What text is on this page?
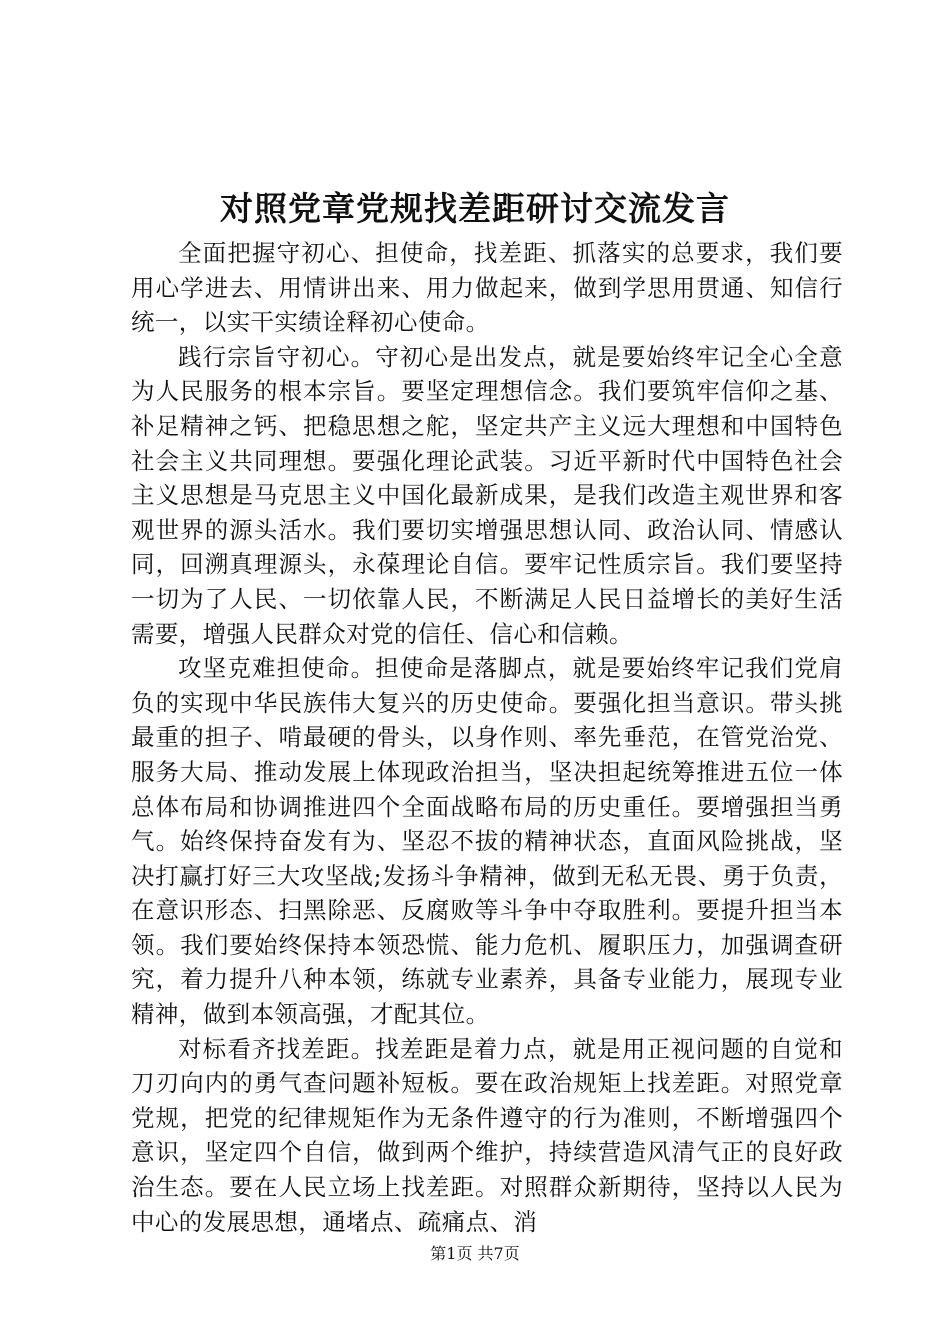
对照党章党规找差距研讨交流发言

全面把握守初心、担使命，找差距、抓落实的总要求，我们要用心学进去、用情讲出来、用力做起来，做到学思用贯通、知信行统一，以实干实绩诠释初心使命。

践行宗旨守初心。守初心是出发点，就是要始终牢记全心全意为人民服务的根本宗旨。要坚定理想信念。我们要筑牢信仰之基、补足精神之钙、把稳思想之舵，坚定共产主义远大理想和中国特色社会主义共同理想。要强化理论武装。习近平新时代中国特色社会主义思想是马克思主义中国化最新成果，是我们改造主观世界和客观世界的源头活水。我们要切实增强思想认同、政治认同、情感认同，回溯真理源头，永葆理论自信。要牢记性质宗旨。我们要坚持一切为了人民、一切依靠人民，不断满足人民日益增长的美好生活需要，增强人民群众对党的信任、信心和信赖。

攻坚克难担使命。担使命是落脚点，就是要始终牢记我们党肩负的实现中华民族伟大复兴的历史使命。要强化担当意识。带头挑最重的担子、啃最硬的骨头，以身作则、率先垂范，在管党治党、服务大局、推动发展上体现政治担当，坚决担起统筹推进五位一体总体布局和协调推进四个全面战略布局的历史重任。要增强担当勇气。始终保持奋发有为、坚忍不拔的精神状态，直面风险挑战，坚决打赢打好三大攻坚战;发扬斗争精神，做到无私无畏、勇于负责，在意识形态、扫黑除恶、反腐败等斗争中夺取胜利。要提升担当本领。我们要始终保持本领恐慌、能力危机、履职压力，加强调查研究，着力提升八种本领，练就专业素养，具备专业能力，展现专业精神，做到本领高强，才配其位。

对标看齐找差距。找差距是着力点，就是用正视问题的自觉和刀刃向内的勇气查问题补短板。要在政治规矩上找差距。对照党章党规，把党的纪律规矩作为无条件遵守的行为准则，不断增强四个意识，坚定四个自信，做到两个维护，持续营造风清气正的良好政治生态。要在人民立场上找差距。对照群众新期待，坚持以人民为中心的发展思想，通堵点、疏痛点、消

第1页 共7页
